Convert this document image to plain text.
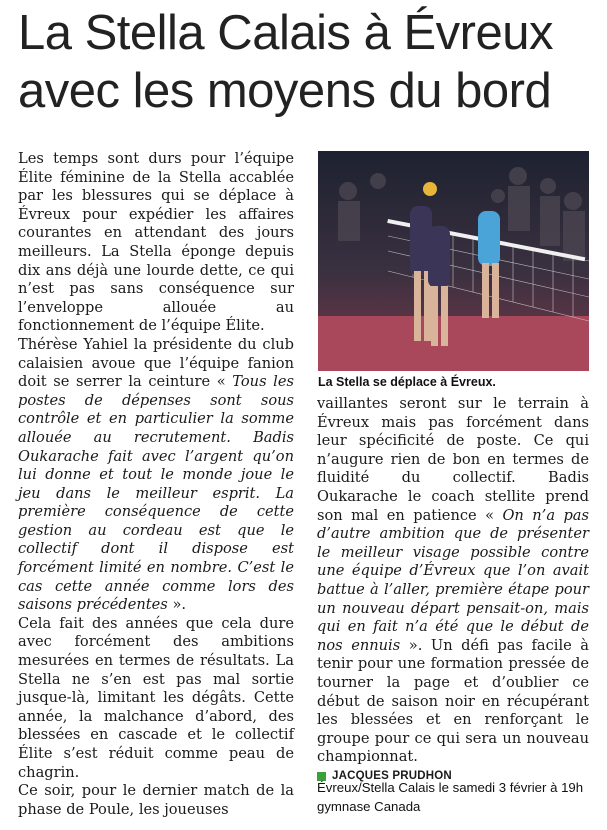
La Stella Calais à Évreux
avec les moyens du bord

Les temps sont durs pour l’équipe Élite féminine de la Stella accablée par les blessures qui se déplace à Évreux pour expédier les affaires courantes en attendant des jours meilleurs. La Stella éponge depuis dix ans déjà une lourde dette, ce qui n’est pas sans conséquence sur l’enveloppe allouée au fonctionnement de l’équipe Élite.

Thérèse Yahiel la présidente du club calaisien avoue que l’équipe fanion doit se serrer la ceinture « Tous les postes de dépenses sont sous contrôle et en particulier la somme allouée au recrutement. Badis Oukarache fait avec l’argent qu’on lui donne et tout le monde joue le jeu dans le meilleur esprit. La première conséquence de cette gestion au cordeau est que le collectif dont il dispose est forcément limité en nombre. C’est le cas cette année comme lors des saisons précédentes ».

Cela fait des années que cela dure avec forcément des ambitions mesurées en termes de résultats. La Stella ne s’en est pas mal sortie jusque-là, limitant les dégâts. Cette année, la malchance d’abord, des blessées en cascade et le collectif Élite s’est réduit comme peau de chagrin.

Ce soir, pour le dernier match de la phase de Poule, les joueuses

La Stella se déplace à Évreux.

vaillantes seront sur le terrain à Évreux mais pas forcément dans leur spécificité de poste. Ce qui n’augure rien de bon en termes de fluidité du collectif. Badis Oukarache le coach stellite prend son mal en patience « On n’a pas d’autre ambition que de présenter le meilleur visage possible contre une équipe d’Évreux que l’on avait battue à l’aller, première étape pour un nouveau départ pensait-on, mais qui en fait n’a été que le début de nos ennuis ». Un défi pas facile à tenir pour une formation pressée de tourner la page et d’oublier ce début de saison noir en récupérant les blessées et en renforçant le groupe pour ce qui sera un nouveau championnat.

JACQUES PRUDHON
Évreux/Stella Calais le samedi 3 février à 19h gymnase Canada
